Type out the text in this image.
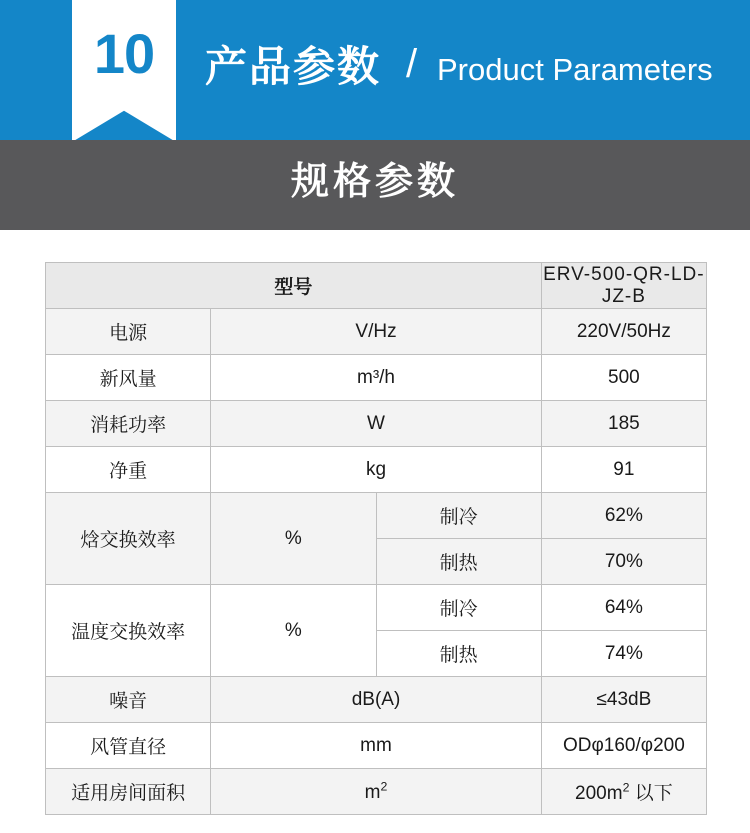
10	产品参数 / Product Parameters
规格参数
型号			ERV-500-QR-LD-JZ-B
电源	V/Hz		220V/50Hz
新风量	m³/h		500
消耗功率	W		185
净重	kg		91
焓交换效率	%	制冷	62%
		制热	70%
温度交换效率	%	制冷	64%
		制热	74%
噪音	dB(A)		≤43dB
风管直径	mm		ODφ160/φ200
适用房间面积	$m^2$		$200m^2$ 以下
